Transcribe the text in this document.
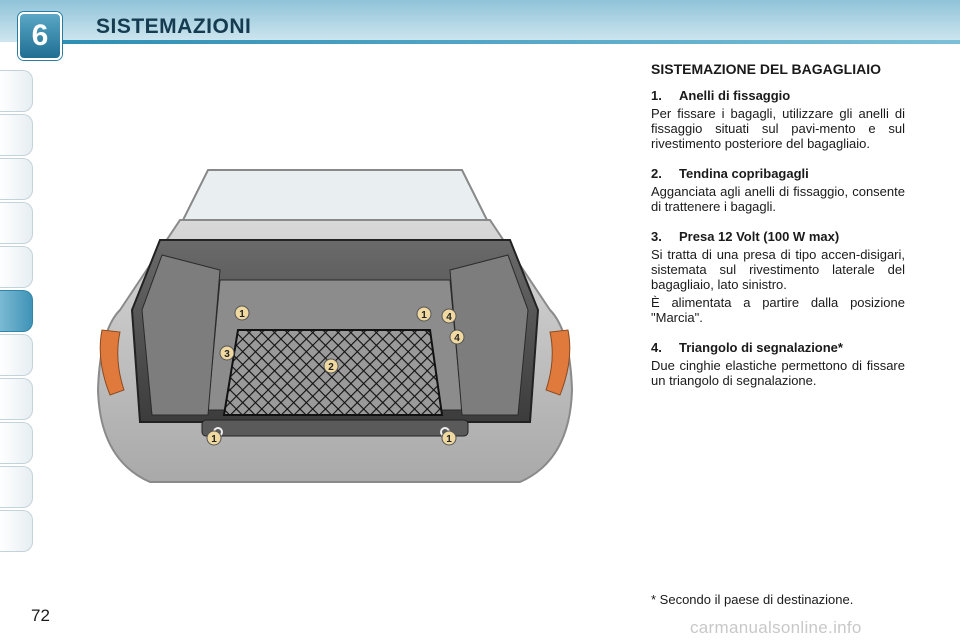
6	SISTEMAZIONI
1	1
1	1
2
3
4
4

SISTEMAZIONE DEL BAGAGLIAIO

1. Anelli di fissaggio

Per fissare i bagagli, utilizzare gli anelli di fissaggio situati sul pavi-mento e sul rivestimento posteriore del bagagliaio.

2. Tendina copribagagli

Agganciata agli anelli di fissaggio, consente di trattenere i bagagli.

3. Presa 12 Volt (100 W max)

Si tratta di una presa di tipo accen-disigari, sistemata sul rivestimento laterale del bagagliaio, lato sinistro.

È alimentata a partire dalla posizione "Marcia".

4. Triangolo di segnalazione*

Due cinghie elastiche permettono di fissare un triangolo di segnalazione.

* Secondo il paese di destinazione.
72
carmanualsonline.info
